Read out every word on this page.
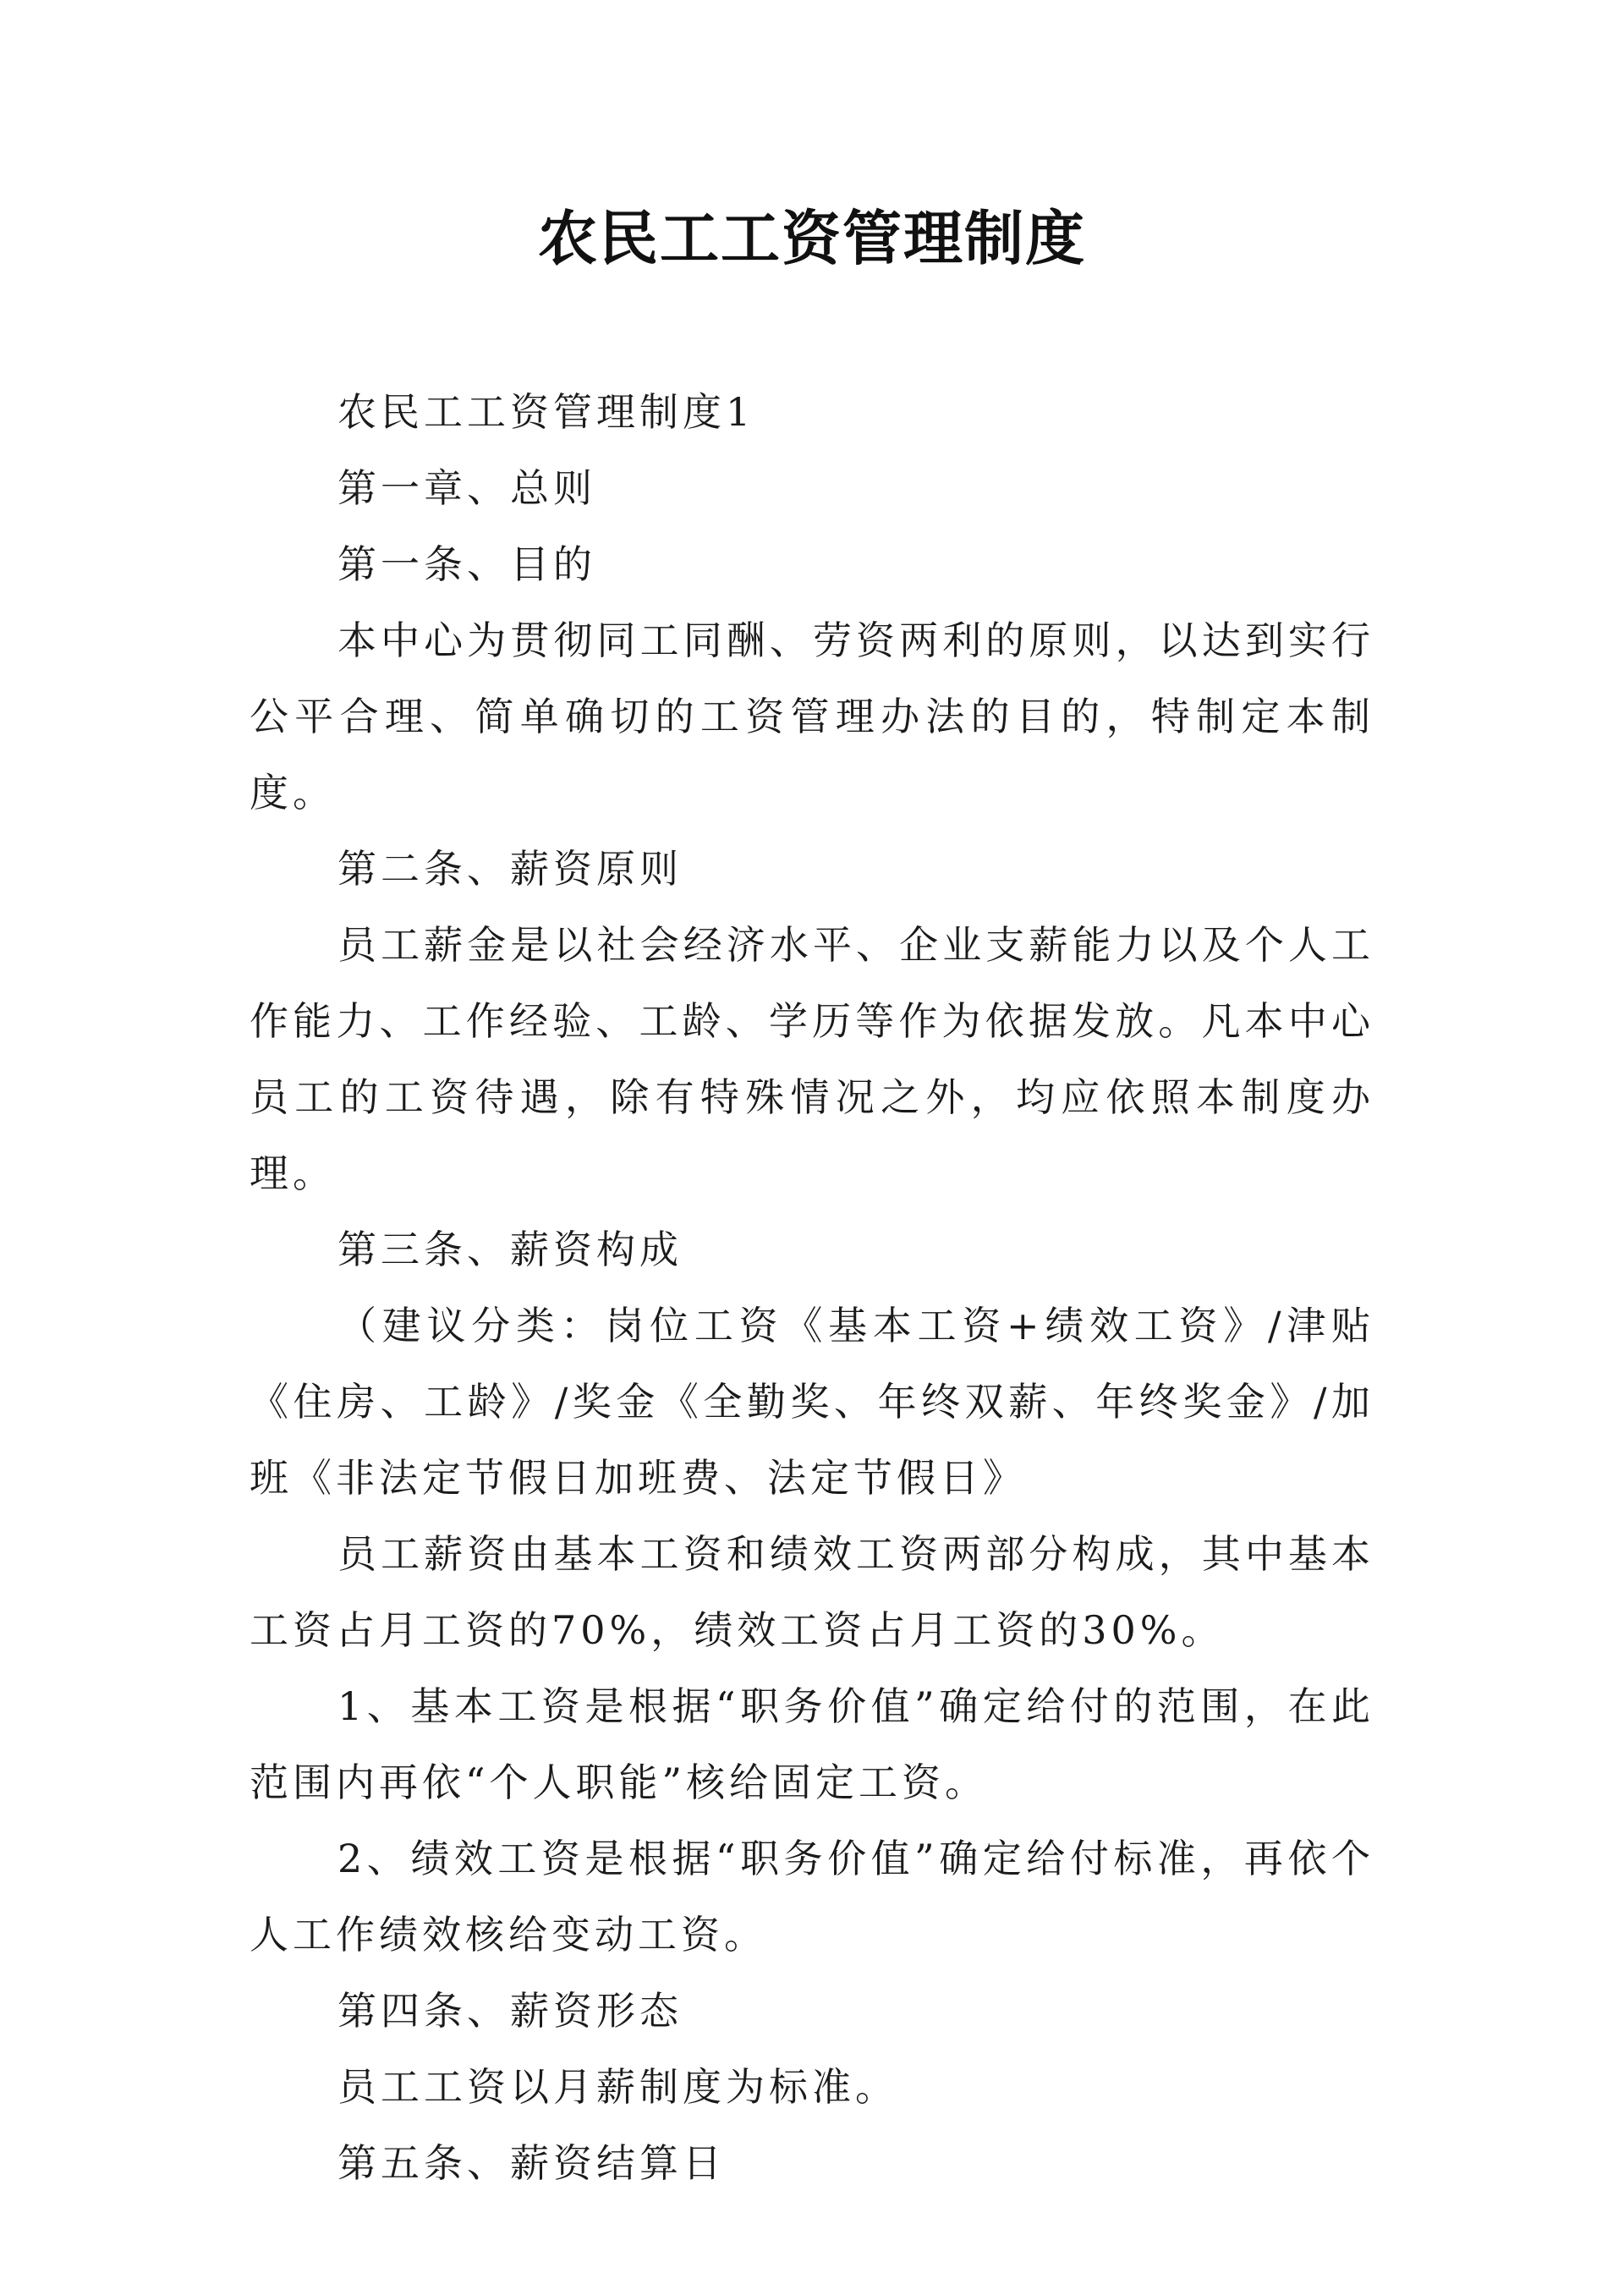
农民工工资管理制度

农民工工资管理制度1

第一章、总则

第一条、目的

本中心为贯彻同工同酬、劳资两利的原则，以达到实行公平合理、简单确切的工资管理办法的目的，特制定本制度。

第二条、薪资原则

员工薪金是以社会经济水平、企业支薪能力以及个人工作能力、工作经验、工龄、学历等作为依据发放。凡本中心员工的工资待遇，除有特殊情况之外，均应依照本制度办理。

第三条、薪资构成

（建议分类：岗位工资《基本工资+绩效工资》/津贴《住房、工龄》/奖金《全勤奖、年终双薪、年终奖金》/加班《非法定节假日加班费、法定节假日》

员工薪资由基本工资和绩效工资两部分构成，其中基本工资占月工资的70%，绩效工资占月工资的30%。

1、基本工资是根据“职务价值”确定给付的范围，在此范围内再依“个人职能”核给固定工资。

2、绩效工资是根据“职务价值”确定给付标准，再依个人工作绩效核给变动工资。

第四条、薪资形态

员工工资以月薪制度为标准。

第五条、薪资结算日
